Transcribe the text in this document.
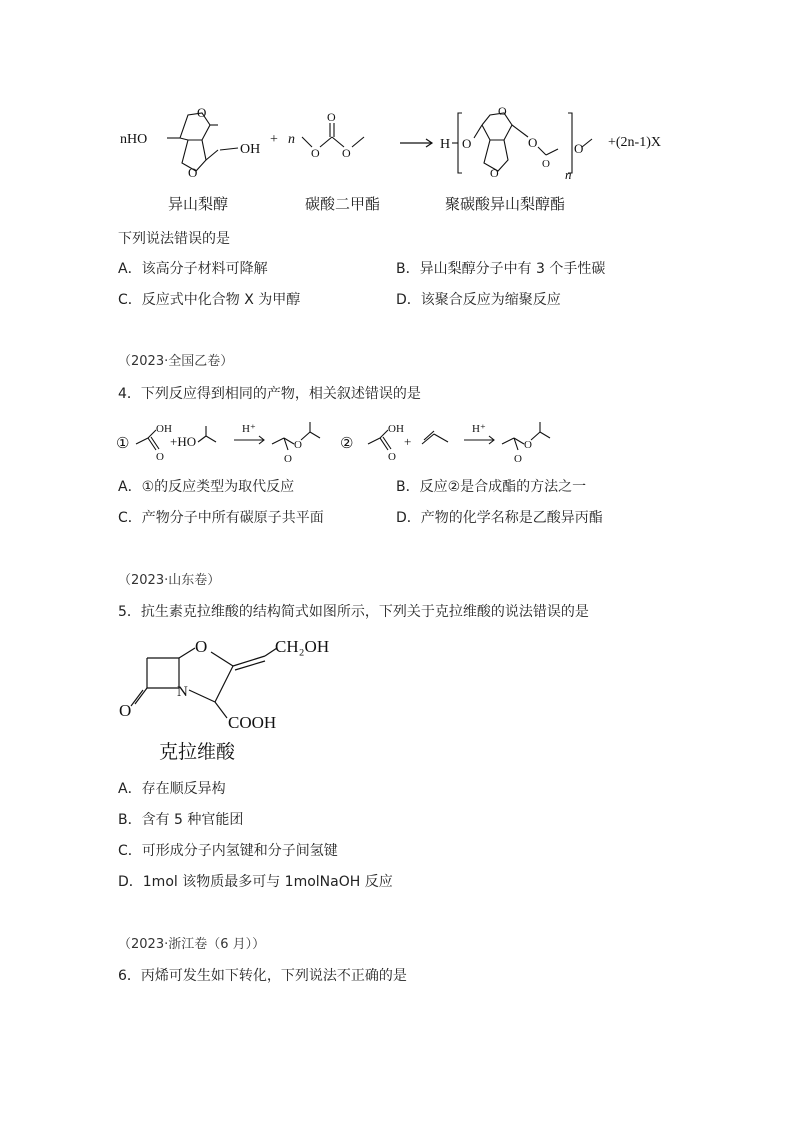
nHO
O
O
OH
+ n
O
O
O
H O
O
O
O
O
O
n
+(2n-1)X
异山梨醇	碳酸二甲酯	聚碳酸异山梨醇酯
下列说法错误的是
A．该高分子材料可降解	B．异山梨醇分子中有 3 个手性碳
C．反应式中化合物 X 为甲醇	D．该聚合反应为缩聚反应
（2023·全国乙卷）
4．下列反应得到相同的产物，相关叙述错误的是
①
OH
O
+HO
H⁺
O
O
②
OH
O
+
H⁺
O
O
A．①的反应类型为取代反应	B．反应②是合成酯的方法之一
C．产物分子中所有碳原子共平面	D．产物的化学名称是乙酸异丙酯
（2023·山东卷）
5．抗生素克拉维酸的结构简式如图所示，下列关于克拉维酸的说法错误的是
O
N
O
CH₂OH
COOH
克拉维酸
A．存在顺反异构
B．含有 5 种官能团
C．可形成分子内氢键和分子间氢键
D．1mol 该物质最多可与 1molNaOH 反应
（2023·浙江卷（6 月））
6．丙烯可发生如下转化，下列说法不正确的是
